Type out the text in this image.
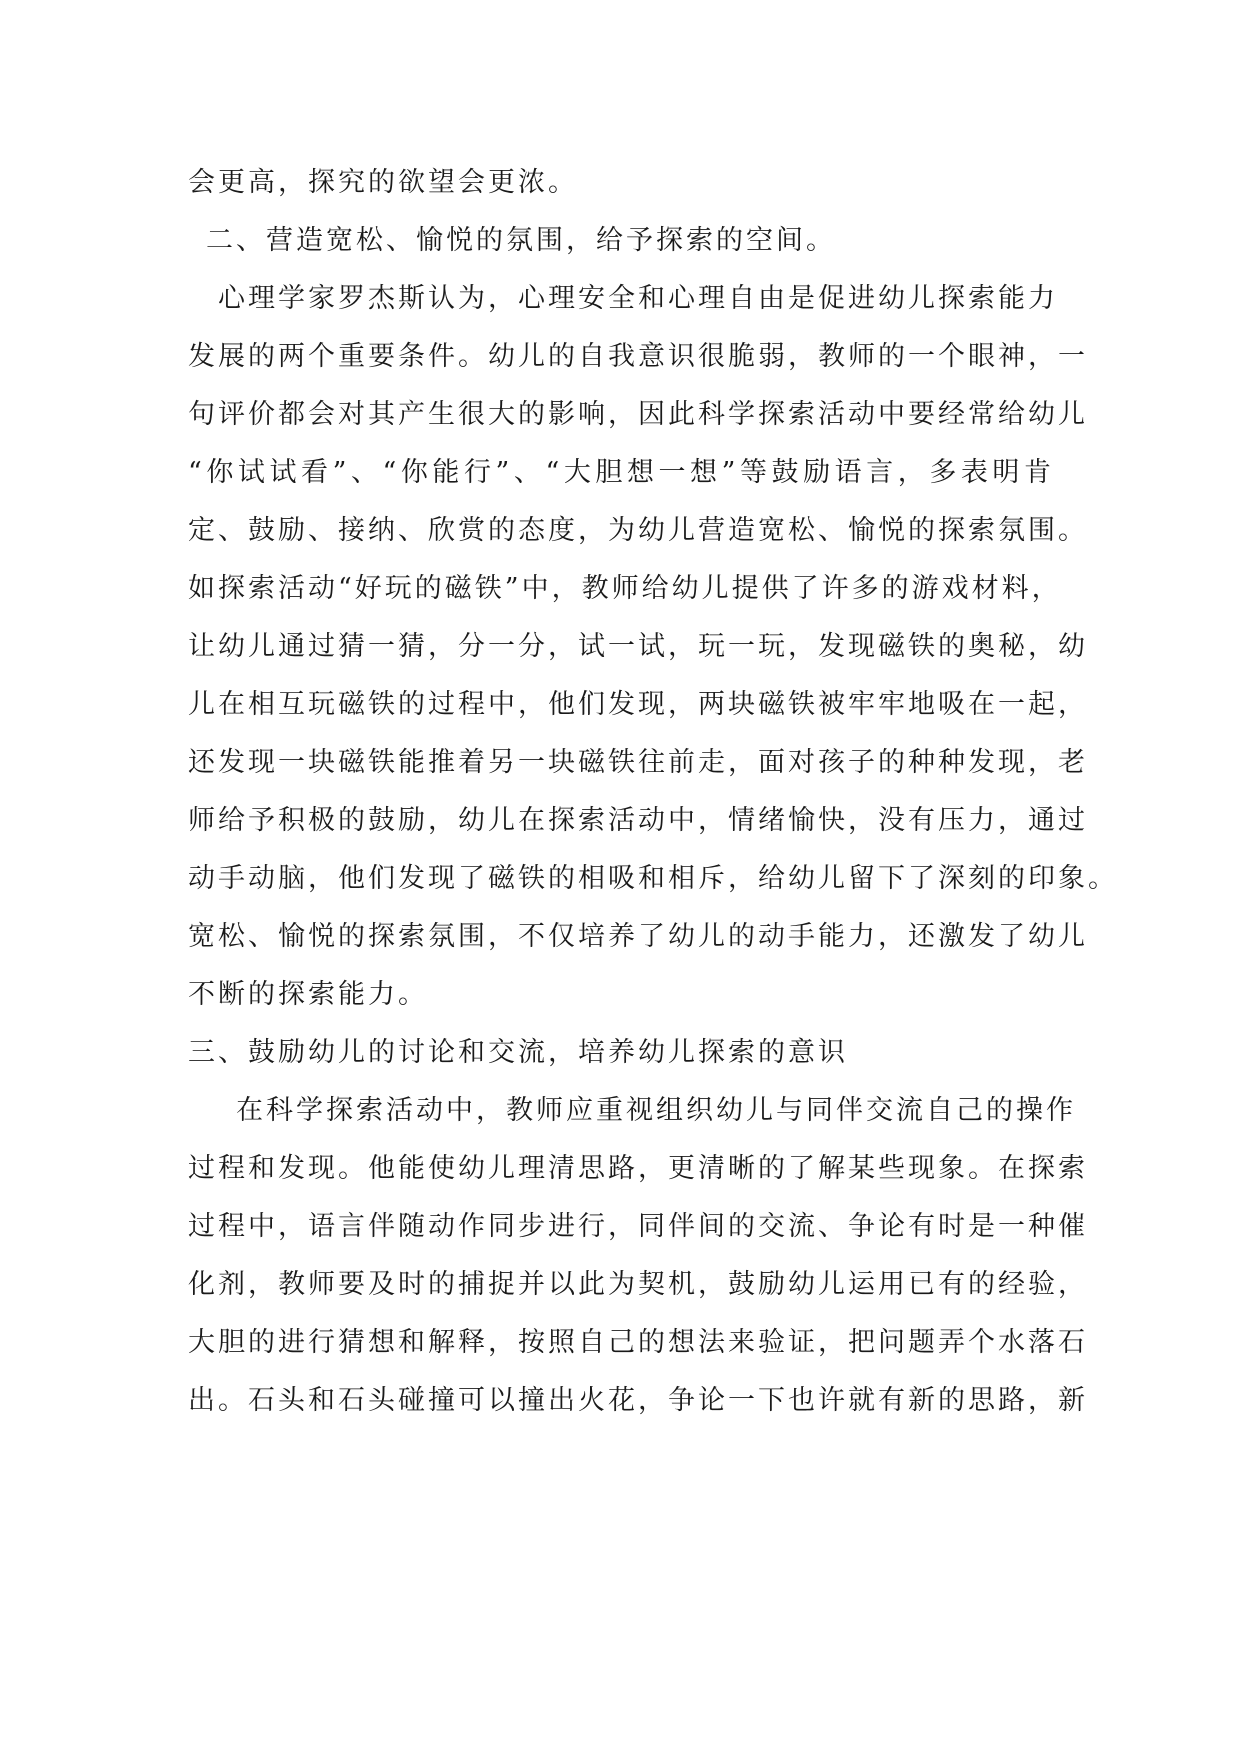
会更高，探究的欲望会更浓。
二、营造宽松、愉悦的氛围，给予探索的空间。
心理学家罗杰斯认为，心理安全和心理自由是促进幼儿探索能力
发展的两个重要条件。幼儿的自我意识很脆弱，教师的一个眼神，一
句评价都会对其产生很大的影响，因此科学探索活动中要经常给幼儿
“你试试看”、“你能行”、“大胆想一想”等鼓励语言，多表明肯
定、鼓励、接纳、欣赏的态度，为幼儿营造宽松、愉悦的探索氛围。
如探索活动“好玩的磁铁”中，教师给幼儿提供了许多的游戏材料，
让幼儿通过猜一猜，分一分，试一试，玩一玩，发现磁铁的奥秘，幼
儿在相互玩磁铁的过程中，他们发现，两块磁铁被牢牢地吸在一起，
还发现一块磁铁能推着另一块磁铁往前走，面对孩子的种种发现，老
师给予积极的鼓励，幼儿在探索活动中，情绪愉快，没有压力，通过
动手动脑，他们发现了磁铁的相吸和相斥，给幼儿留下了深刻的印象。
宽松、愉悦的探索氛围，不仅培养了幼儿的动手能力，还激发了幼儿
不断的探索能力。
三、鼓励幼儿的讨论和交流，培养幼儿探索的意识
在科学探索活动中，教师应重视组织幼儿与同伴交流自己的操作
过程和发现。他能使幼儿理清思路，更清晰的了解某些现象。在探索
过程中，语言伴随动作同步进行，同伴间的交流、争论有时是一种催
化剂，教师要及时的捕捉并以此为契机，鼓励幼儿运用已有的经验，
大胆的进行猜想和解释，按照自己的想法来验证，把问题弄个水落石
出。石头和石头碰撞可以撞出火花，争论一下也许就有新的思路，新
